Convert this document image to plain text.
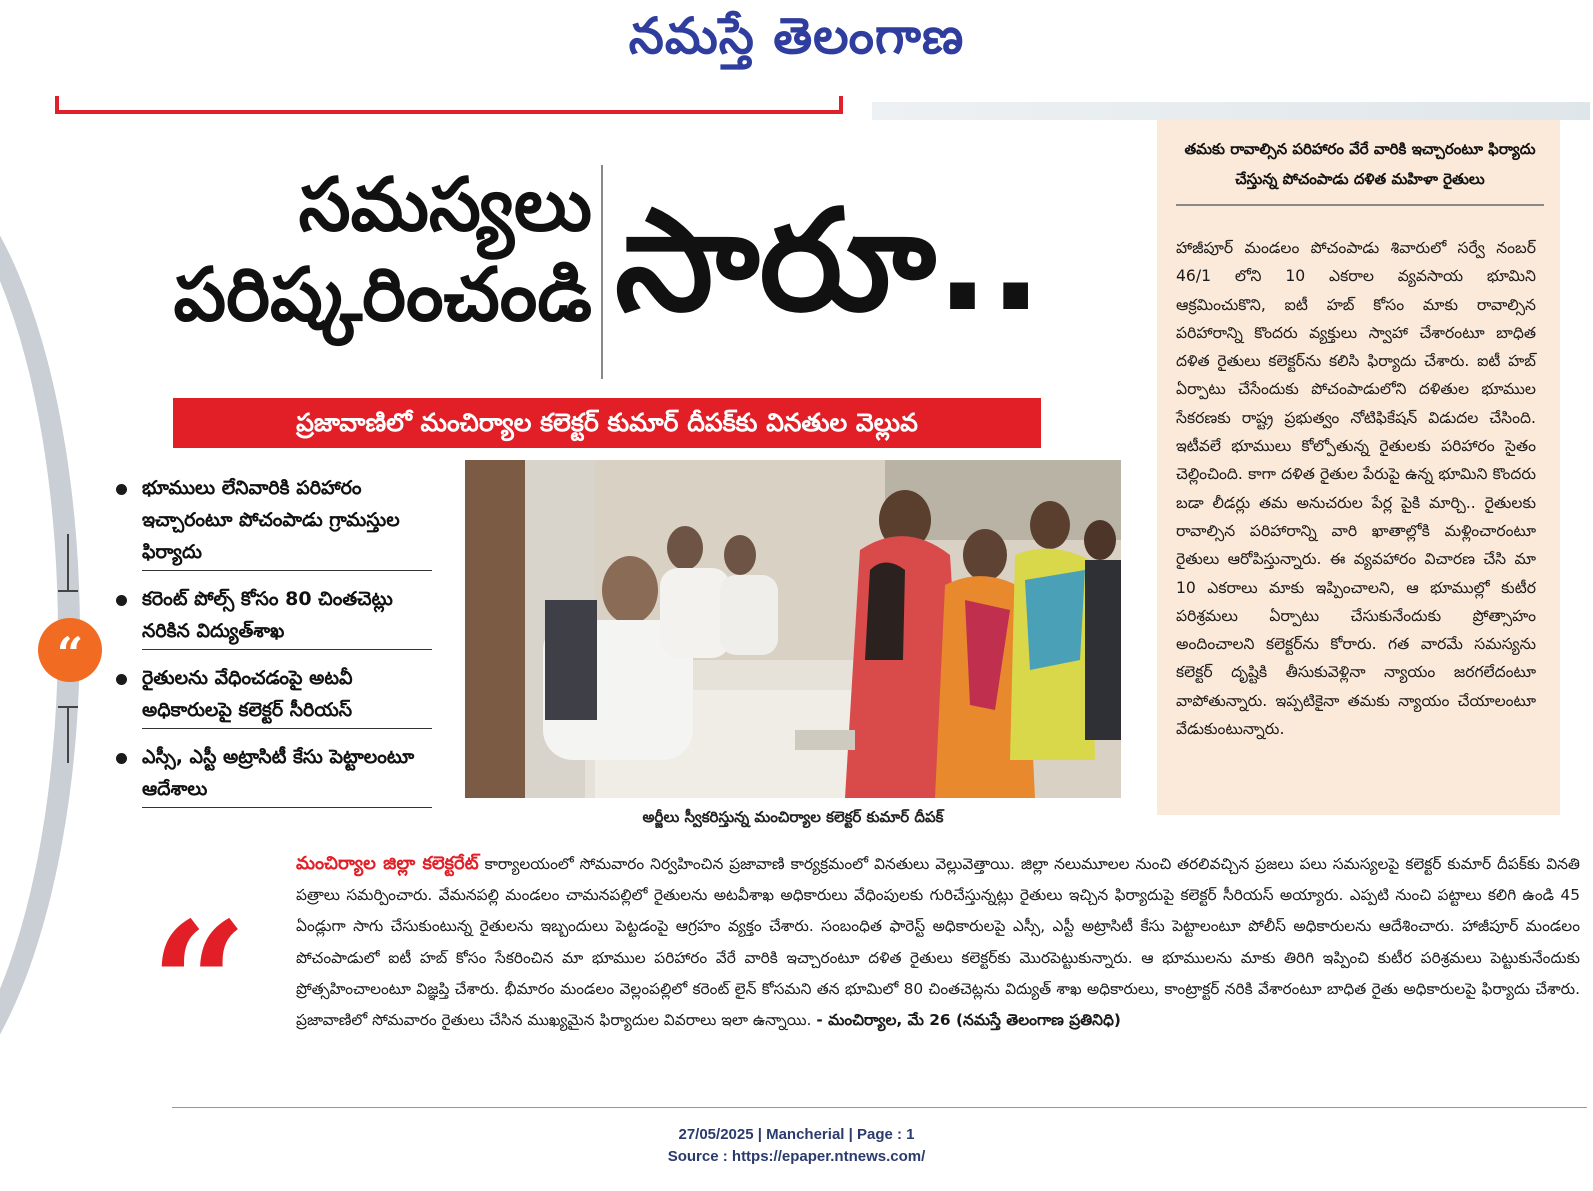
నమస్తే తెలంగాణ
సమస్యలు
పరిష్కరించండి సారూ..
ప్రజావాణిలో మంచిర్యాల కలెక్టర్ కుమార్ దీపక్‌కు వినతుల వెల్లువ
“
భూములు లేనివారికి పరిహారం ఇచ్చారంటూ పోచంపాడు గ్రామస్తుల ఫిర్యాదు
కరెంట్ పోల్స్ కోసం 80 చింతచెట్లు నరికిన విద్యుత్‌శాఖ
రైతులను వేధించడంపై అటవీ అధికారులపై కలెక్టర్ సీరియస్
ఎస్సీ, ఎస్టీ అట్రాసిటీ కేసు పెట్టాలంటూ ఆదేశాలు
అర్జీలు స్వీకరిస్తున్న మంచిర్యాల కలెక్టర్ కుమార్ దీపక్
తమకు రావాల్సిన పరిహారం వేరే వారికి ఇచ్చారంటూ ఫిర్యాదు చేస్తున్న పోచంపాడు దళిత మహిళా రైతులు
హాజీపూర్ మండలం పోచంపాడు శివారులో సర్వే నంబర్ 46/1 లోని 10 ఎకరాల వ్యవసాయ భూమిని ఆక్రమించుకొని, ఐటీ హబ్ కోసం మాకు రావాల్సిన పరిహారాన్ని కొందరు వ్యక్తులు స్వాహా చేశారంటూ బాధిత దళిత రైతులు కలెక్టర్‌ను కలిసి ఫిర్యాదు చేశారు. ఐటీ హబ్ ఏర్పాటు చేసేందుకు పోచంపాడులోని దళితుల భూముల సేకరణకు రాష్ట్ర ప్రభుత్వం నోటిఫికేషన్ విడుదల చేసింది. ఇటీవలే భూములు కోల్పోతున్న రైతులకు పరిహారం సైతం చెల్లించింది. కాగా దళిత రైతుల పేరుపై ఉన్న భూమిని కొందరు బడా లీడర్లు తమ అనుచరుల పేర్ల పైకి మార్చి.. రైతులకు రావాల్సిన పరిహారాన్ని వారి ఖాతాల్లోకి మళ్లించారంటూ రైతులు ఆరోపిస్తున్నారు. ఈ వ్యవహారం విచారణ చేసి మా 10 ఎకరాలు మాకు ఇప్పించాలని, ఆ భూముల్లో కుటీర పరిశ్రమలు ఏర్పాటు చేసుకునేందుకు ప్రోత్సాహం అందించాలని కలెక్టర్‌ను కోరారు. గత వారమే సమస్యను కలెక్టర్ దృష్టికి తీసుకువెళ్లినా న్యాయం జరగలేదంటూ వాపోతున్నారు. ఇప్పటికైనా తమకు న్యాయం చేయాలంటూ వేడుకుంటున్నారు.
“
మంచిర్యాల జిల్లా కలెక్టరేట్ కార్యాలయంలో సోమవారం నిర్వహించిన ప్రజావాణి కార్యక్రమంలో వినతులు వెల్లువెత్తాయి. జిల్లా నలుమూలల నుంచి తరలివచ్చిన ప్రజలు పలు సమస్యలపై కలెక్టర్ కుమార్ దీపక్‌కు వినతి పత్రాలు సమర్పించారు. వేమనపల్లి మండలం చామనపల్లిలో రైతులను అటవీశాఖ అధికారులు వేధింపులకు గురిచేస్తున్నట్లు రైతులు ఇచ్చిన ఫిర్యాదుపై కలెక్టర్ సీరియస్ అయ్యారు. ఎప్పటి నుంచి పట్టాలు కలిగి ఉండి 45 ఏండ్లుగా సాగు చేసుకుంటున్న రైతులను ఇబ్బందులు పెట్టడంపై ఆగ్రహం వ్యక్తం చేశారు. సంబంధిత ఫారెస్ట్ అధికారులపై ఎస్సీ, ఎస్టీ అట్రాసిటీ కేసు పెట్టాలంటూ పోలీస్ అధికారులను ఆదేశించారు. హాజీపూర్ మండలం పోచంపాడులో ఐటీ హబ్ కోసం సేకరించిన మా భూముల పరిహారం వేరే వారికి ఇచ్చారంటూ దళిత రైతులు కలెక్టర్‌కు మొరపెట్టుకున్నారు. ఆ భూములను మాకు తిరిగి ఇప్పించి కుటీర పరిశ్రమలు పెట్టుకునేందుకు ప్రోత్సహించాలంటూ విజ్ఞప్తి చేశారు. భీమారం మండలం వెల్లంపల్లిలో కరెంట్ లైన్ కోసమని తన భూమిలో 80 చింతచెట్లను విద్యుత్ శాఖ అధికారులు, కాంట్రాక్టర్ నరికి వేశారంటూ బాధిత రైతు అధికారులపై ఫిర్యాదు చేశారు. ప్రజావాణిలో సోమవారం రైతులు చేసిన ముఖ్యమైన ఫిర్యాదుల వివరాలు ఇలా ఉన్నాయి. - మంచిర్యాల, మే 26 (నమస్తే తెలంగాణ ప్రతినిధి)
27/05/2025 | Mancherial | Page : 1
Source : https://epaper.ntnews.com/
